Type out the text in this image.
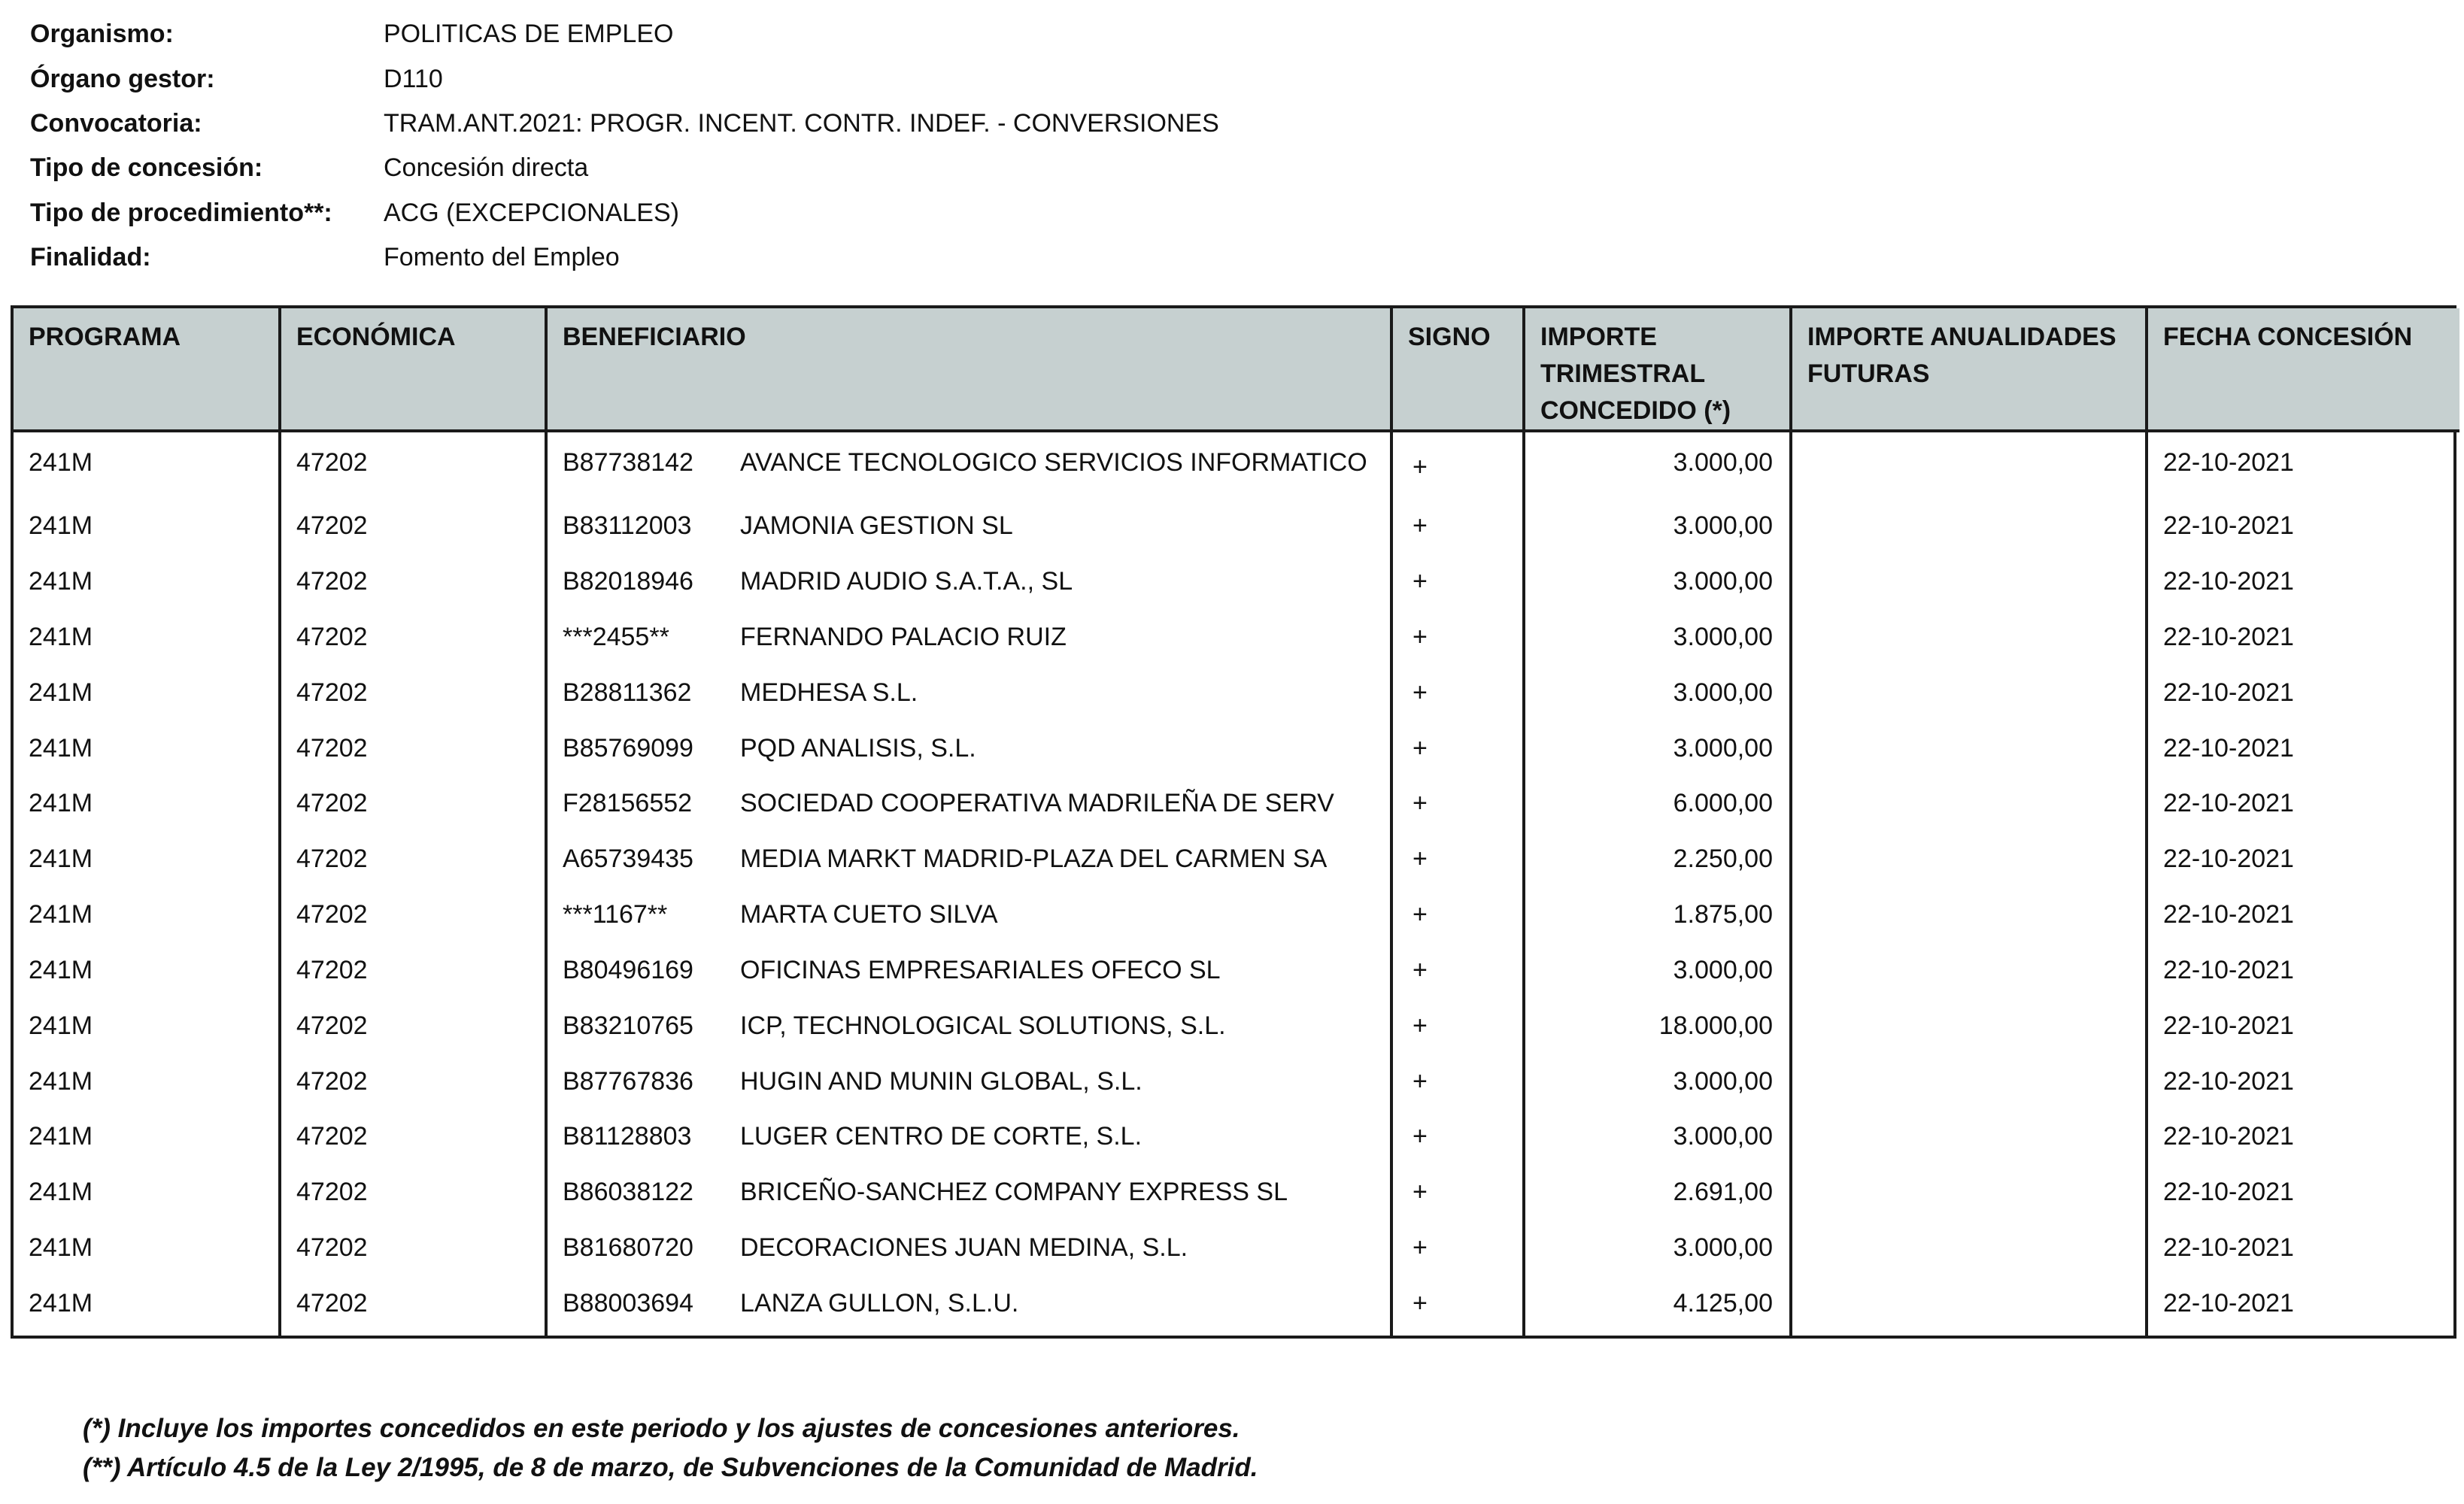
Organismo:	POLITICAS DE EMPLEO
Órgano gestor:	D110
Convocatoria:	TRAM.ANT.2021: PROGR. INCENT. CONTR. INDEF. - CONVERSIONES
Tipo de concesión:	Concesión directa
Tipo de procedimiento**:	ACG (EXCEPCIONALES)
Finalidad:	Fomento del Empleo
PROGRAMA	ECONÓMICA	BENEFICIARIO	SIGNO	IMPORTE TRIMESTRAL CONCEDIDO (*)	IMPORTE ANUALIDADES FUTURAS	FECHA CONCESIÓN
241M	47202	B87738142 AVANCE TECNOLOGICO SERVICIOS INFORMATICO	+	3.000,00		22-10-2021
241M	47202	B83112003 JAMONIA GESTION SL	+	3.000,00		22-10-2021
241M	47202	B82018946 MADRID AUDIO S.A.T.A., SL	+	3.000,00		22-10-2021
241M	47202	***2455** FERNANDO PALACIO RUIZ	+	3.000,00		22-10-2021
241M	47202	B28811362 MEDHESA S.L.	+	3.000,00		22-10-2021
241M	47202	B85769099 PQD ANALISIS, S.L.	+	3.000,00		22-10-2021
241M	47202	F28156552 SOCIEDAD COOPERATIVA MADRILEÑA DE SERV	+	6.000,00		22-10-2021
241M	47202	A65739435 MEDIA MARKT MADRID-PLAZA DEL CARMEN SA	+	2.250,00		22-10-2021
241M	47202	***1167** MARTA CUETO SILVA	+	1.875,00		22-10-2021
241M	47202	B80496169 OFICINAS EMPRESARIALES OFECO SL	+	3.000,00		22-10-2021
241M	47202	B83210765 ICP, TECHNOLOGICAL SOLUTIONS, S.L.	+	18.000,00		22-10-2021
241M	47202	B87767836 HUGIN AND MUNIN GLOBAL, S.L.	+	3.000,00		22-10-2021
241M	47202	B81128803 LUGER CENTRO DE CORTE, S.L.	+	3.000,00		22-10-2021
241M	47202	B86038122 BRICEÑO-SANCHEZ COMPANY EXPRESS SL	+	2.691,00		22-10-2021
241M	47202	B81680720 DECORACIONES JUAN MEDINA, S.L.	+	3.000,00		22-10-2021
241M	47202	B88003694 LANZA GULLON, S.L.U.	+	4.125,00		22-10-2021

(*) Incluye los importes concedidos en este periodo y los ajustes de concesiones anteriores.
(**) Artículo 4.5 de la Ley 2/1995, de 8 de marzo, de Subvenciones de la Comunidad de Madrid.
